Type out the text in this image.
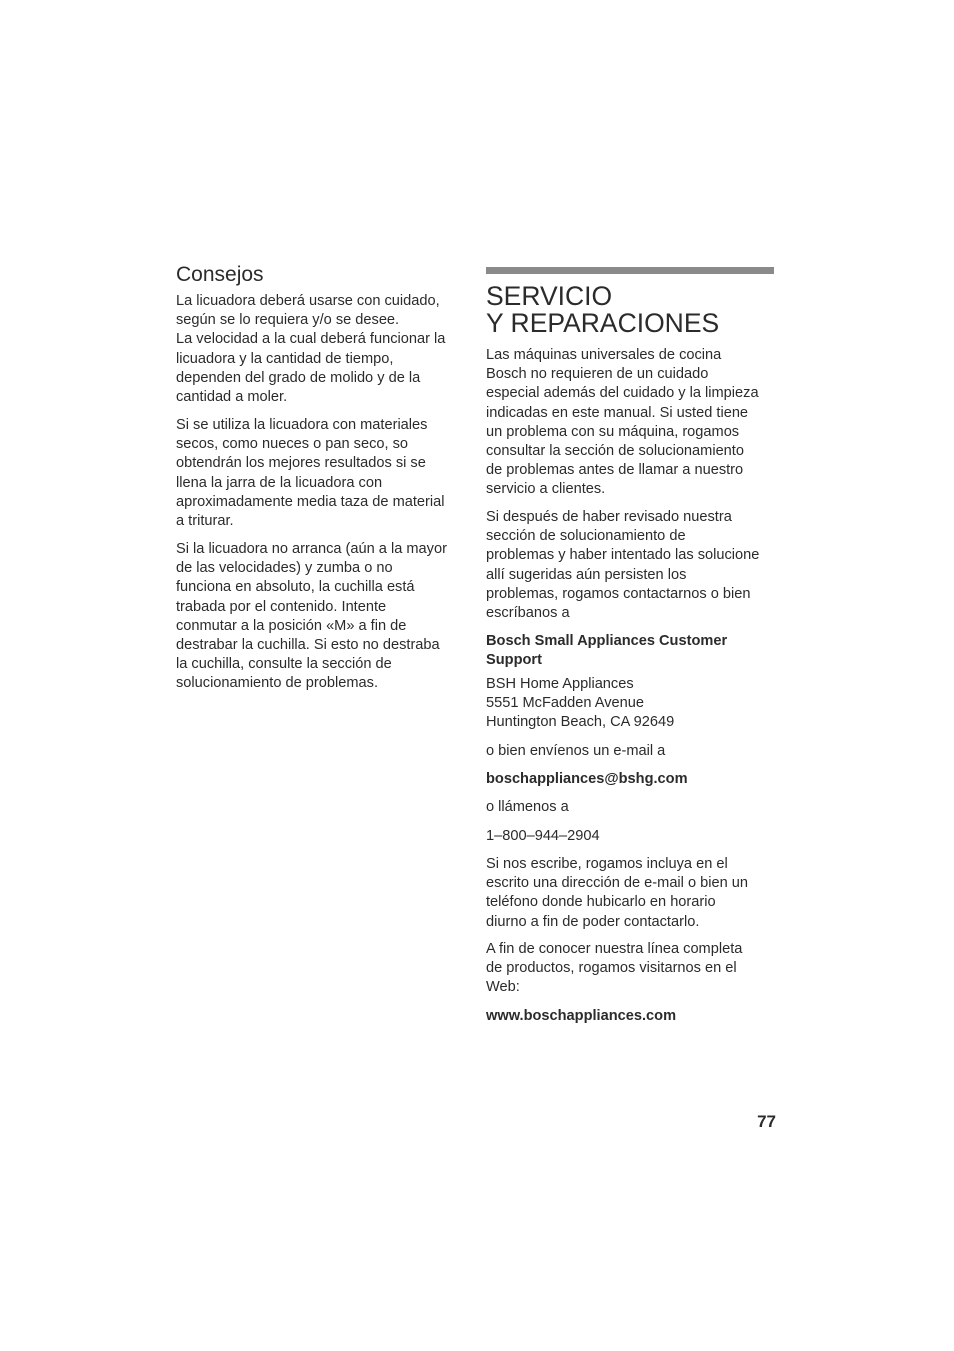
Consejos

La licuadora deberá usarse con cuidado,
según se lo requiera y/o se desee.
La velocidad a la cual deberá funcionar la
licuadora y la cantidad de tiempo,
dependen del grado de molido y de la
cantidad a moler.

Si se utiliza la licuadora con materiales
secos, como nueces o pan seco, so
obtendrán los mejores resultados si se
llena la jarra de la licuadora con
aproximadamente media taza de material
a triturar.

Si la licuadora no arranca (aún a la mayor
de las velocidades) y zumba o no
funciona en absoluto, la cuchilla está
trabada por el contenido. Intente
conmutar a la posición «M» a fin de
destrabar la cuchilla. Si esto no destraba
la cuchilla, consulte la sección de
solucionamiento de problemas.

SERVICIO
Y REPARACIONES

Las máquinas universales de cocina
Bosch no requieren de un cuidado
especial además del cuidado y la limpieza
indicadas en este manual. Si usted tiene
un problema con su máquina, rogamos
consultar la sección de solucionamiento
de problemas antes de llamar a nuestro
servicio a clientes.

Si después de haber revisado nuestra
sección de solucionamiento de
problemas y haber intentado las solucione
allí sugeridas aún persisten los
problemas, rogamos contactarnos o bien
escríbanos a

Bosch Small Appliances Customer
Support

BSH Home Appliances
5551 McFadden Avenue
Huntington Beach, CA 92649

o bien envíenos un e-mail a

boschappliances@bshg.com

o llámenos a

1–800–944–2904

Si nos escribe, rogamos incluya en el
escrito una dirección de e-mail o bien un
teléfono donde hubicarlo en horario
diurno a fin de poder contactarlo.

A fin de conocer nuestra línea completa
de productos, rogamos visitarnos en el
Web:

www.boschappliances.com

77
